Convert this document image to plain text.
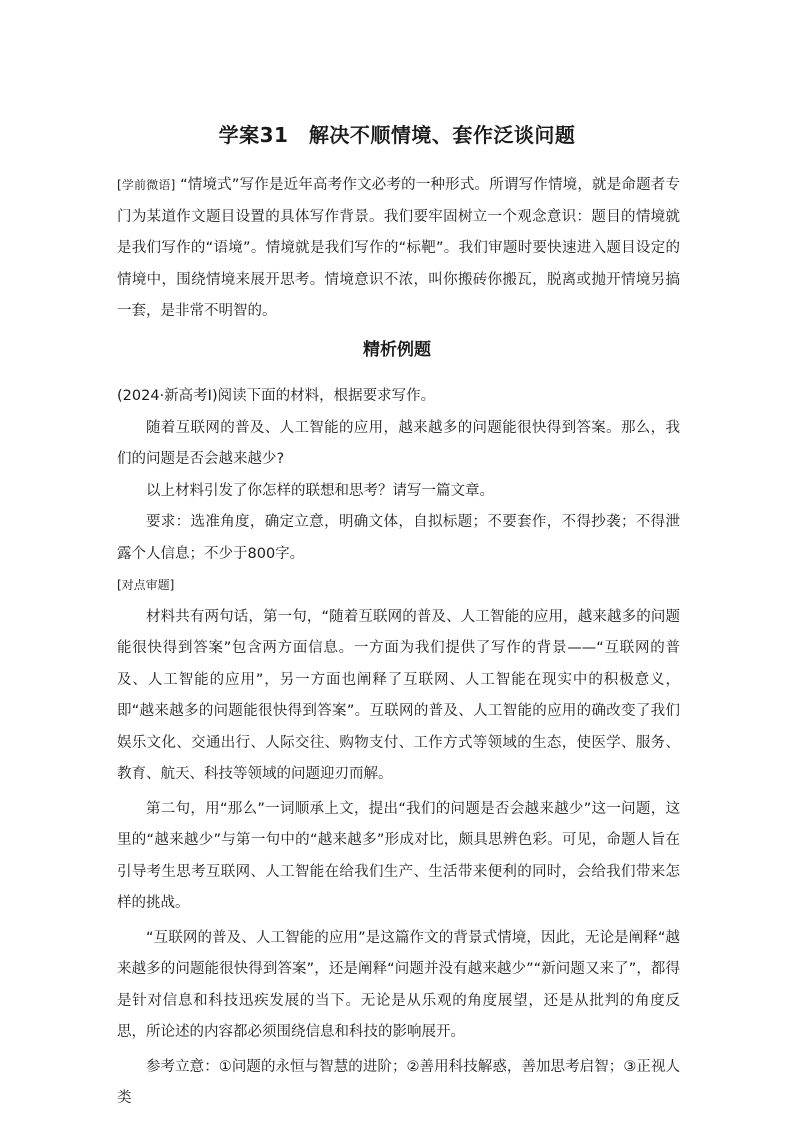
学案31　解决不顺情境、套作泛谈问题
[学前微语] “情境式”写作是近年高考作文必考的一种形式。所谓写作情境，就是命题者专门为某道作文题目设置的具体写作背景。我们要牢固树立一个观念意识：题目的情境就是我们写作的“语境”。情境就是我们写作的“标靶”。我们审题时要快速进入题目设定的情境中，围绕情境来展开思考。情境意识不浓，叫你搬砖你搬瓦，脱离或抛开情境另搞一套，是非常不明智的。
精析例题

(2024·新高考Ⅰ)阅读下面的材料，根据要求写作。

随着互联网的普及、人工智能的应用，越来越多的问题能很快得到答案。那么，我们的问题是否会越来越少?

以上材料引发了你怎样的联想和思考？请写一篇文章。

要求：选准角度，确定立意，明确文体，自拟标题；不要套作，不得抄袭；不得泄露个人信息；不少于800字。

[对点审题]

材料共有两句话，第一句，“随着互联网的普及、人工智能的应用，越来越多的问题能很快得到答案”包含两方面信息。一方面为我们提供了写作的背景——“互联网的普及、人工智能的应用”，另一方面也阐释了互联网、人工智能在现实中的积极意义，即“越来越多的问题能很快得到答案”。互联网的普及、人工智能的应用的确改变了我们娱乐文化、交通出行、人际交往、购物支付、工作方式等领域的生态，使医学、服务、教育、航天、科技等领域的问题迎刃而解。

第二句，用“那么”一词顺承上文，提出“我们的问题是否会越来越少”这一问题，这里的“越来越少”与第一句中的“越来越多”形成对比，颇具思辨色彩。可见，命题人旨在引导考生思考互联网、人工智能在给我们生产、生活带来便利的同时，会给我们带来怎样的挑战。

“互联网的普及、人工智能的应用”是这篇作文的背景式情境，因此，无论是阐释“越来越多的问题能很快得到答案”，还是阐释“问题并没有越来越少”“新问题又来了”，都得是针对信息和科技迅疾发展的当下。无论是从乐观的角度展望，还是从批判的角度反思，所论述的内容都必须围绕信息和科技的影响展开。

参考立意：①问题的永恒与智慧的进阶；②善用科技解惑，善加思考启智；③正视人类
